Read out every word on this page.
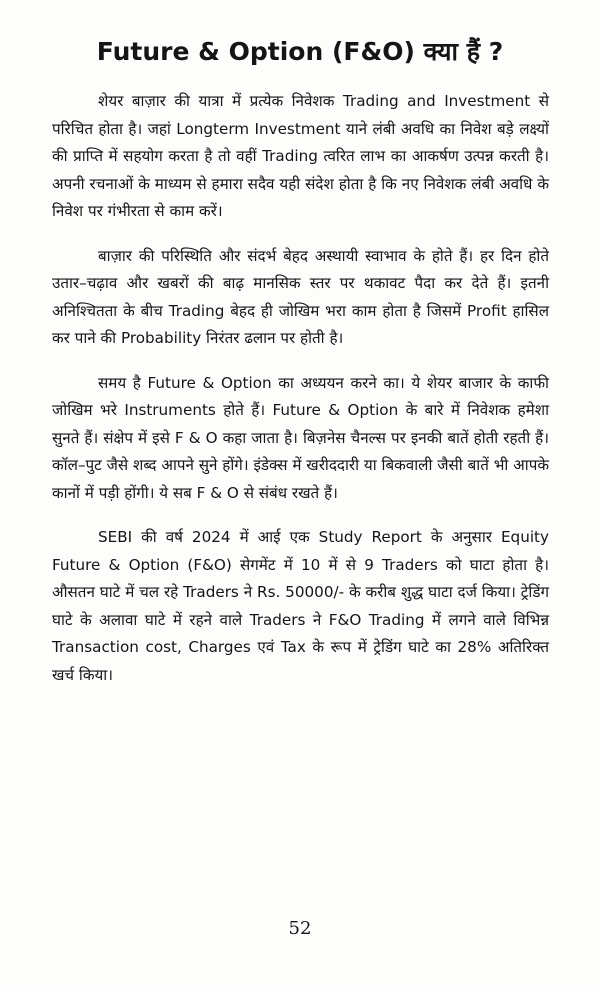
Future & Option (F&O) क्या हैं ?

शेयर बाज़ार की यात्रा में प्रत्येक निवेशक Trading and Investment से परिचित होता है। जहां Longterm Investment याने लंबी अवधि का निवेश बड़े लक्ष्यों की प्राप्ति में सहयोग करता है तो वहीं Trading त्वरित लाभ का आकर्षण उत्पन्न करती है। अपनी रचनाओं के माध्यम से हमारा सदैव यही संदेश होता है कि नए निवेशक लंबी अवधि के निवेश पर गंभीरता से काम करें।

बाज़ार की परिस्थिति और संदर्भ बेहद अस्थायी स्वाभाव के होते हैं। हर दिन होते उतार–चढ़ाव और खबरों की बाढ़ मानसिक स्तर पर थकावट पैदा कर देते हैं। इतनी अनिश्चितता के बीच Trading बेहद ही जोखिम भरा काम होता है जिसमें Profit हासिल कर पाने की Probability निरंतर ढलान पर होती है।

समय है Future & Option का अध्ययन करने का। ये शेयर बाजार के काफी जोखिम भरे Instruments होते हैं। Future & Option के बारे में निवेशक हमेशा सुनते हैं। संक्षेप में इसे F & O कहा जाता है। बिज़नेस चैनल्स पर इनकी बातें होती रहती हैं। कॉल–पुट जैसे शब्द आपने सुने होंगे। इंडेक्स में खरीददारी या बिकवाली जैसी बातें भी आपके कानों में पड़ी होंगी। ये सब F & O से संबंध रखते हैं।

SEBI की वर्ष 2024 में आई एक Study Report के अनुसार Equity Future & Option (F&O) सेगमेंट में 10 में से 9 Traders को घाटा होता है। औसतन घाटे में चल रहे Traders ने Rs. 50000/- के करीब शुद्ध घाटा दर्ज किया। ट्रेडिंग घाटे के अलावा घाटे में रहने वाले Traders ने F&O Trading में लगने वाले विभिन्न Transaction cost, Charges एवं Tax के रूप में ट्रेडिंग घाटे का 28% अतिरिक्त खर्च किया।

52
